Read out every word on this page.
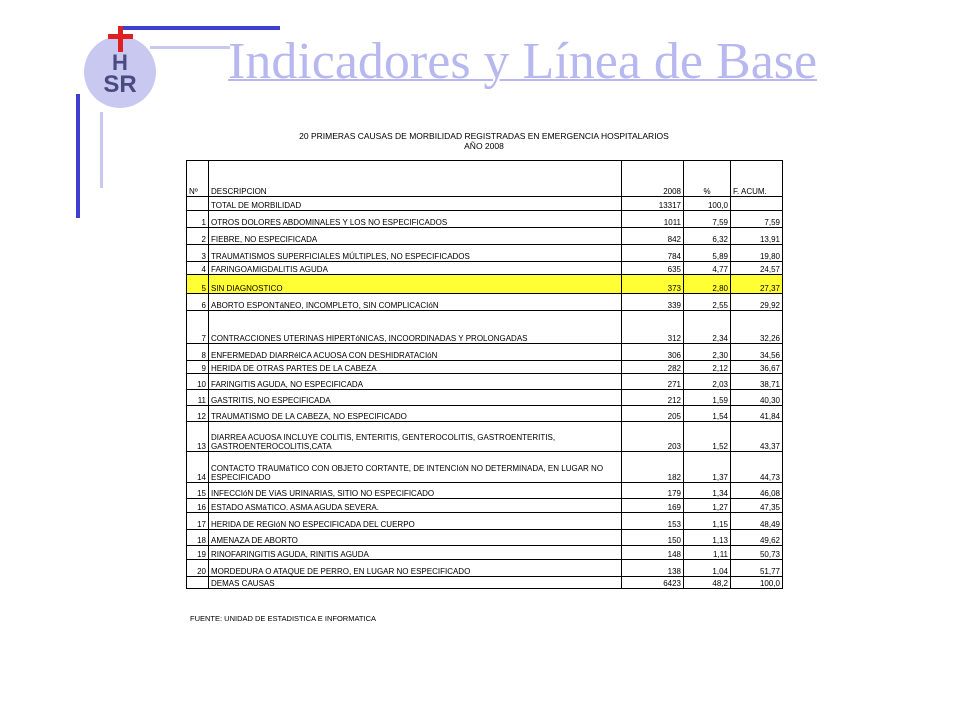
H
SR Indicadores y Línea de Base
20 PRIMERAS CAUSAS DE MORBILIDAD REGISTRADAS EN EMERGENCIA HOSPITALARIOS
AÑO 2008
Nº	DESCRIPCION	2008	%	F. ACUM.
	TOTAL DE MORBILIDAD	13317	100,0	
1	OTROS DOLORES ABDOMINALES Y LOS NO ESPECIFICADOS	1011	7,59	7,59
2	FIEBRE, NO ESPECIFICADA	842	6,32	13,91
3	TRAUMATISMOS SUPERFICIALES MÚLTIPLES, NO ESPECIFICADOS	784	5,89	19,80
4	FARINGOAMIGDALITIS AGUDA	635	4,77	24,57
5	SIN DIAGNOSTICO	373	2,80	27,37
6	ABORTO ESPONTáNEO, INCOMPLETO, SIN COMPLICACIóN	339	2,55	29,92
7	CONTRACCIONES UTERINAS HIPERTóNICAS, INCOORDINADAS Y PROLONGADAS	312	2,34	32,26
8	ENFERMEDAD DIARRéICA ACUOSA CON DESHIDRATACIóN	306	2,30	34,56
9	HERIDA DE OTRAS PARTES DE LA CABEZA	282	2,12	36,67
10	FARINGITIS AGUDA, NO ESPECIFICADA	271	2,03	38,71
11	GASTRITIS, NO ESPECIFICADA	212	1,59	40,30
12	TRAUMATISMO DE LA CABEZA, NO ESPECIFICADO	205	1,54	41,84
13	DIARREA ACUOSA INCLUYE COLITIS, ENTERITIS, GENTEROCOLITIS, GASTROENTERITIS, GASTROENTEROCOLITIS,CATA	203	1,52	43,37
14	CONTACTO TRAUMáTICO CON OBJETO CORTANTE, DE INTENCIóN NO DETERMINADA, EN LUGAR NO ESPECIFICADO	182	1,37	44,73
15	INFECCIóN DE VíAS URINARIAS, SITIO NO ESPECIFICADO	179	1,34	46,08
16	ESTADO ASMáTICO. ASMA AGUDA SEVERA.	169	1,27	47,35
17	HERIDA DE REGIóN NO ESPECIFICADA DEL CUERPO	153	1,15	48,49
18	AMENAZA DE ABORTO	150	1,13	49,62
19	RINOFARINGITIS AGUDA, RINITIS AGUDA	148	1,11	50,73
20	MORDEDURA O ATAQUE DE PERRO, EN LUGAR NO ESPECIFICADO	138	1,04	51,77
	DEMAS CAUSAS	6423	48,2	100,0
FUENTE: UNIDAD DE ESTADISTICA E INFORMATICA
